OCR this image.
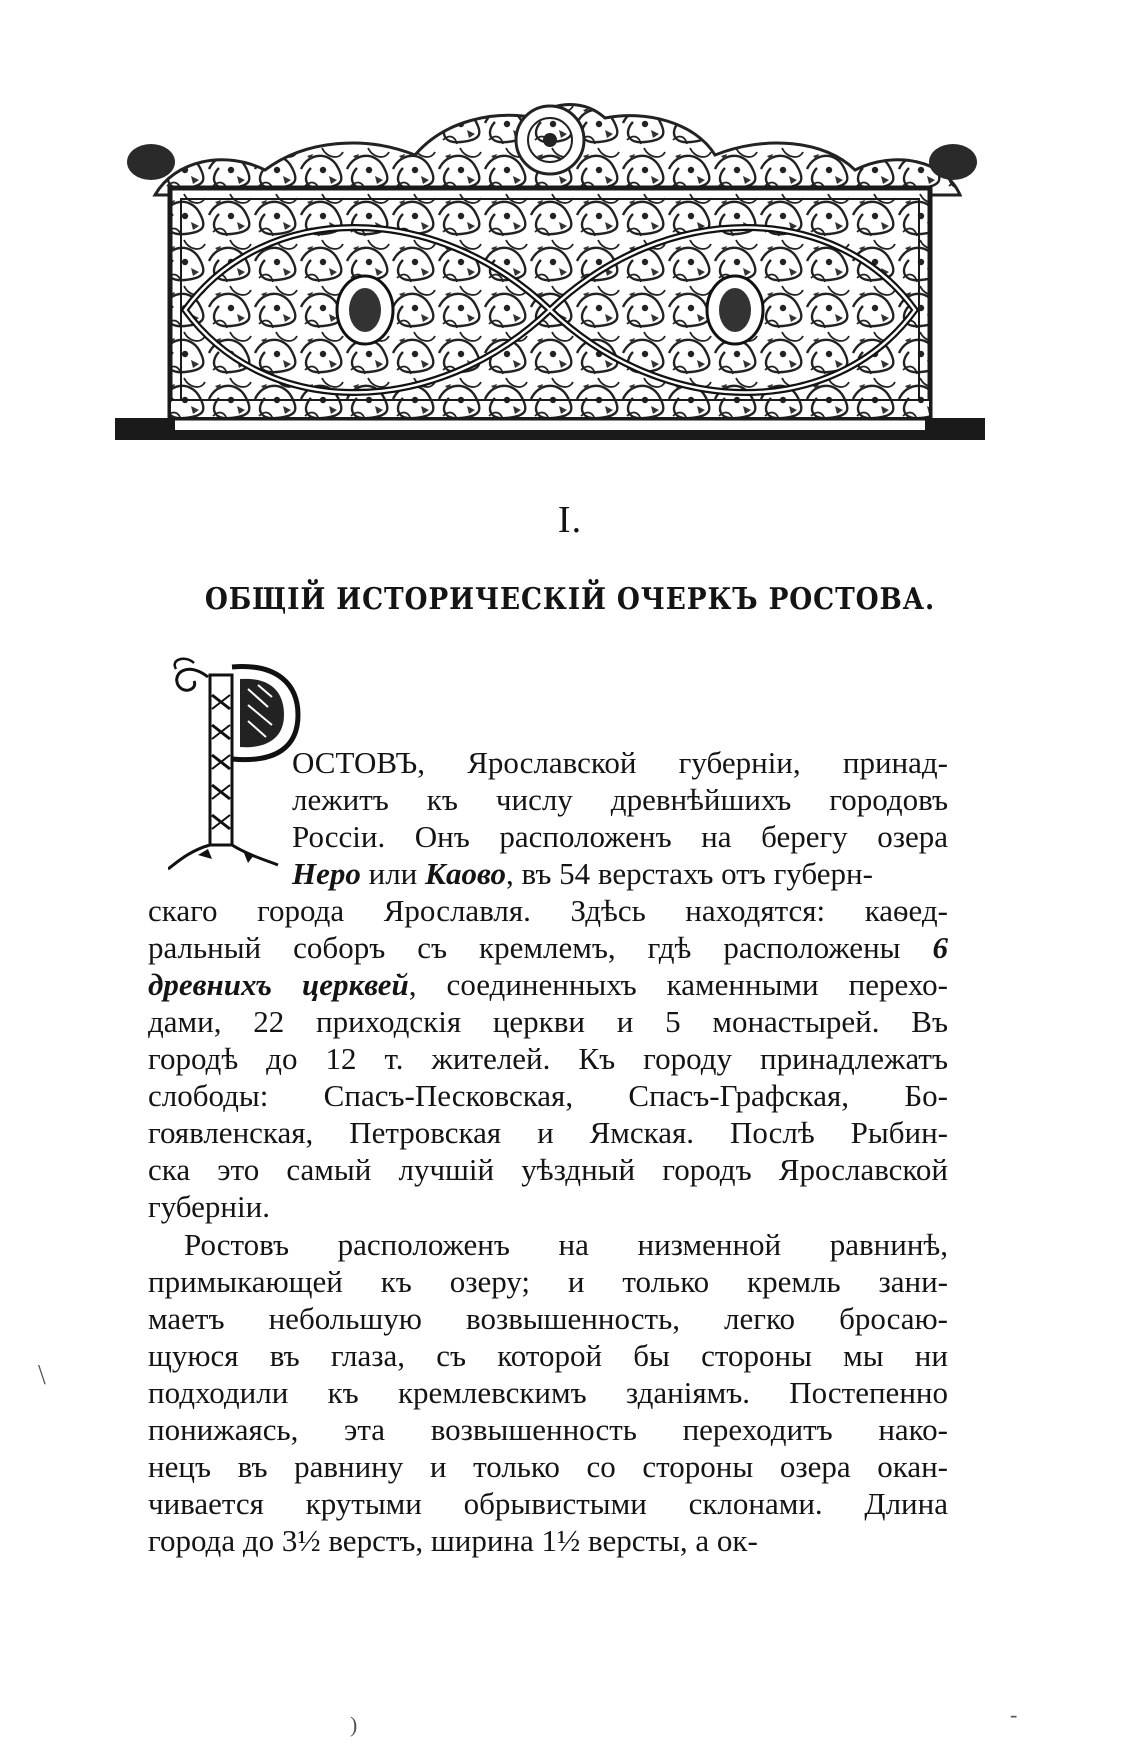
I.
ОБЩІЙ ИСТОРИЧЕСКІЙ ОЧЕРКЪ РОСТОВА.
ОСТОВЪ, Ярославской губерніи, принад-
лежитъ къ числу древнѣйшихъ городовъ
Россіи. Онъ расположенъ на берегу озера
Неро или Каово, въ 54 верстахъ отъ губерн-
скаго города Ярославля. Здѣсь находятся: каѳед-
ральный соборъ съ кремлемъ, гдѣ расположены 6
древнихъ церквей, соединенныхъ каменными перехо-
дами, 22 приходскія церкви и 5 монастырей. Въ
городѣ до 12 т. жителей. Къ городу принадлежатъ
слободы: Спасъ-Песковская, Спасъ-Графская, Бо-
гоявленская, Петровская и Ямская. Послѣ Рыбин-
ска это самый лучшій уѣздный городъ Ярославской
губерніи.
Ростовъ расположенъ на низменной равнинѣ,
примыкающей къ озеру; и только кремль зани-
маетъ небольшую возвышенность, легко бросаю-
щуюся въ глаза, съ которой бы стороны мы ни
подходили къ кремлевскимъ зданіямъ. Постепенно
понижаясь, эта возвышенность переходитъ нако-
нецъ въ равнину и только со стороны озера окан-
чивается крутыми обрывистыми склонами. Длина
города до 3½ верстъ, ширина 1½ версты, а ок-
\
)	-
